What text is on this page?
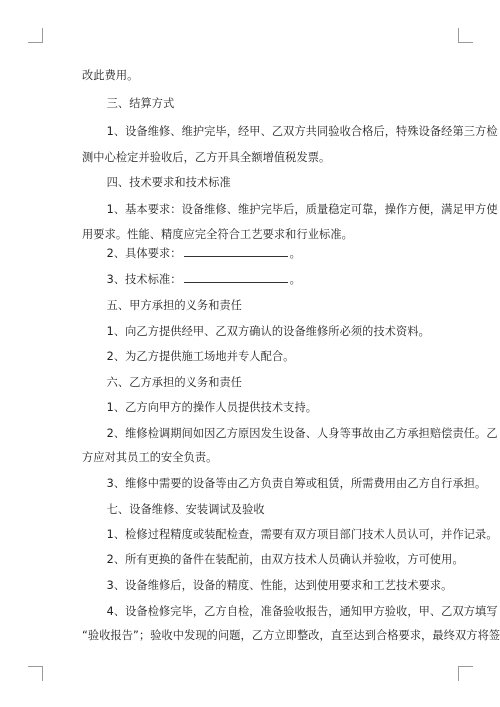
改此费用。
三、结算方式
1、设备维修、维护完毕，经甲、乙双方共同验收合格后，特殊设备经第三方检
测中心检定并验收后，乙方开具全额增值税发票。
四、技术要求和技术标准
1、基本要求：设备维修、维护完毕后，质量稳定可靠，操作方便，满足甲方使
用要求。性能、精度应完全符合工艺要求和行业标准。
2、具体要求：	。
3、技术标准：	。
五、甲方承担的义务和责任
1、向乙方提供经甲、乙双方确认的设备维修所必须的技术资料。
2、为乙方提供施工场地并专人配合。
六、乙方承担的义务和责任
1、乙方向甲方的操作人员提供技术支持。
2、维修检调期间如因乙方原因发生设备、人身等事故由乙方承担赔偿责任。乙
方应对其员工的安全负责。
3、维修中需要的设备等由乙方负责自筹或租赁，所需费用由乙方自行承担。
七、设备维修、安装调试及验收
1、检修过程精度或装配检查，需要有双方项目部门技术人员认可，并作记录。
2、所有更换的备件在装配前，由双方技术人员确认并验收，方可使用。
3、设备维修后，设备的精度、性能，达到使用要求和工艺技术要求。
4、设备检修完毕，乙方自检，准备验收报告，通知甲方验收，甲、乙双方填写
“验收报告”；验收中发现的问题，乙方立即整改，直至达到合格要求，最终双方将签
